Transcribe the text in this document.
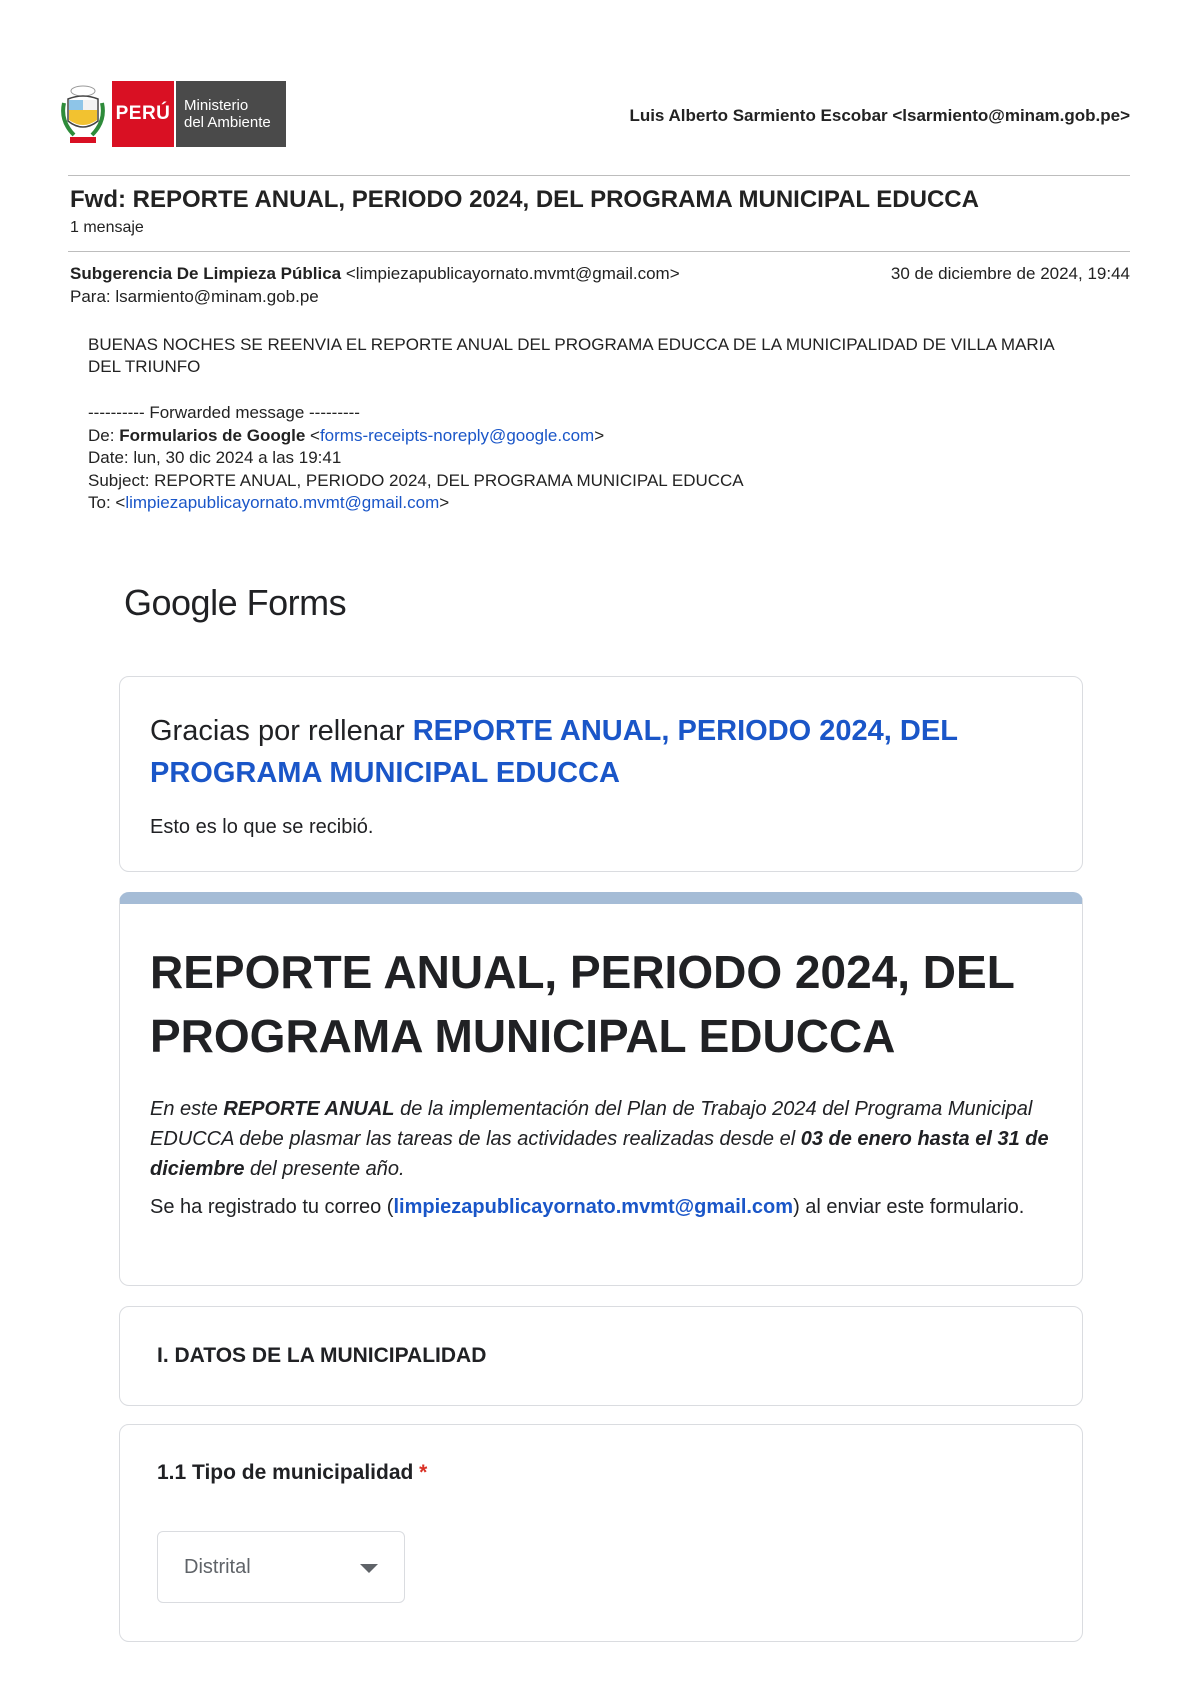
PERÚ Ministerio
del Ambiente	Luis Alberto Sarmiento Escobar <lsarmiento@minam.gob.pe>
Fwd: REPORTE ANUAL, PERIODO 2024, DEL PROGRAMA MUNICIPAL EDUCCA
1 mensaje
Subgerencia De Limpieza Pública <limpiezapublicayornato.mvmt@gmail.com>	30 de diciembre de 2024, 19:44
Para: lsarmiento@minam.gob.pe
BUENAS NOCHES SE REENVIA EL REPORTE ANUAL DEL PROGRAMA EDUCCA DE LA MUNICIPALIDAD DE VILLA MARIA DEL TRIUNFO
---------- Forwarded message ---------
De: Formularios de Google <forms-receipts-noreply@google.com>
Date: lun, 30 dic 2024 a las 19:41
Subject: REPORTE ANUAL, PERIODO 2024, DEL PROGRAMA MUNICIPAL EDUCCA
To: <limpiezapublicayornato.mvmt@gmail.com>
Google Forms
Gracias por rellenar REPORTE ANUAL, PERIODO 2024, DEL PROGRAMA MUNICIPAL EDUCCA
Esto es lo que se recibió.
REPORTE ANUAL, PERIODO 2024, DEL PROGRAMA MUNICIPAL EDUCCA
En este REPORTE ANUAL de la implementación del Plan de Trabajo 2024 del Programa Municipal EDUCCA debe plasmar las tareas de las actividades realizadas desde el 03 de enero hasta el 31 de diciembre del presente año.
Se ha registrado tu correo (limpiezapublicayornato.mvmt@gmail.com) al enviar este formulario.
I. DATOS DE LA MUNICIPALIDAD
1.1 Tipo de municipalidad *
Distrital
